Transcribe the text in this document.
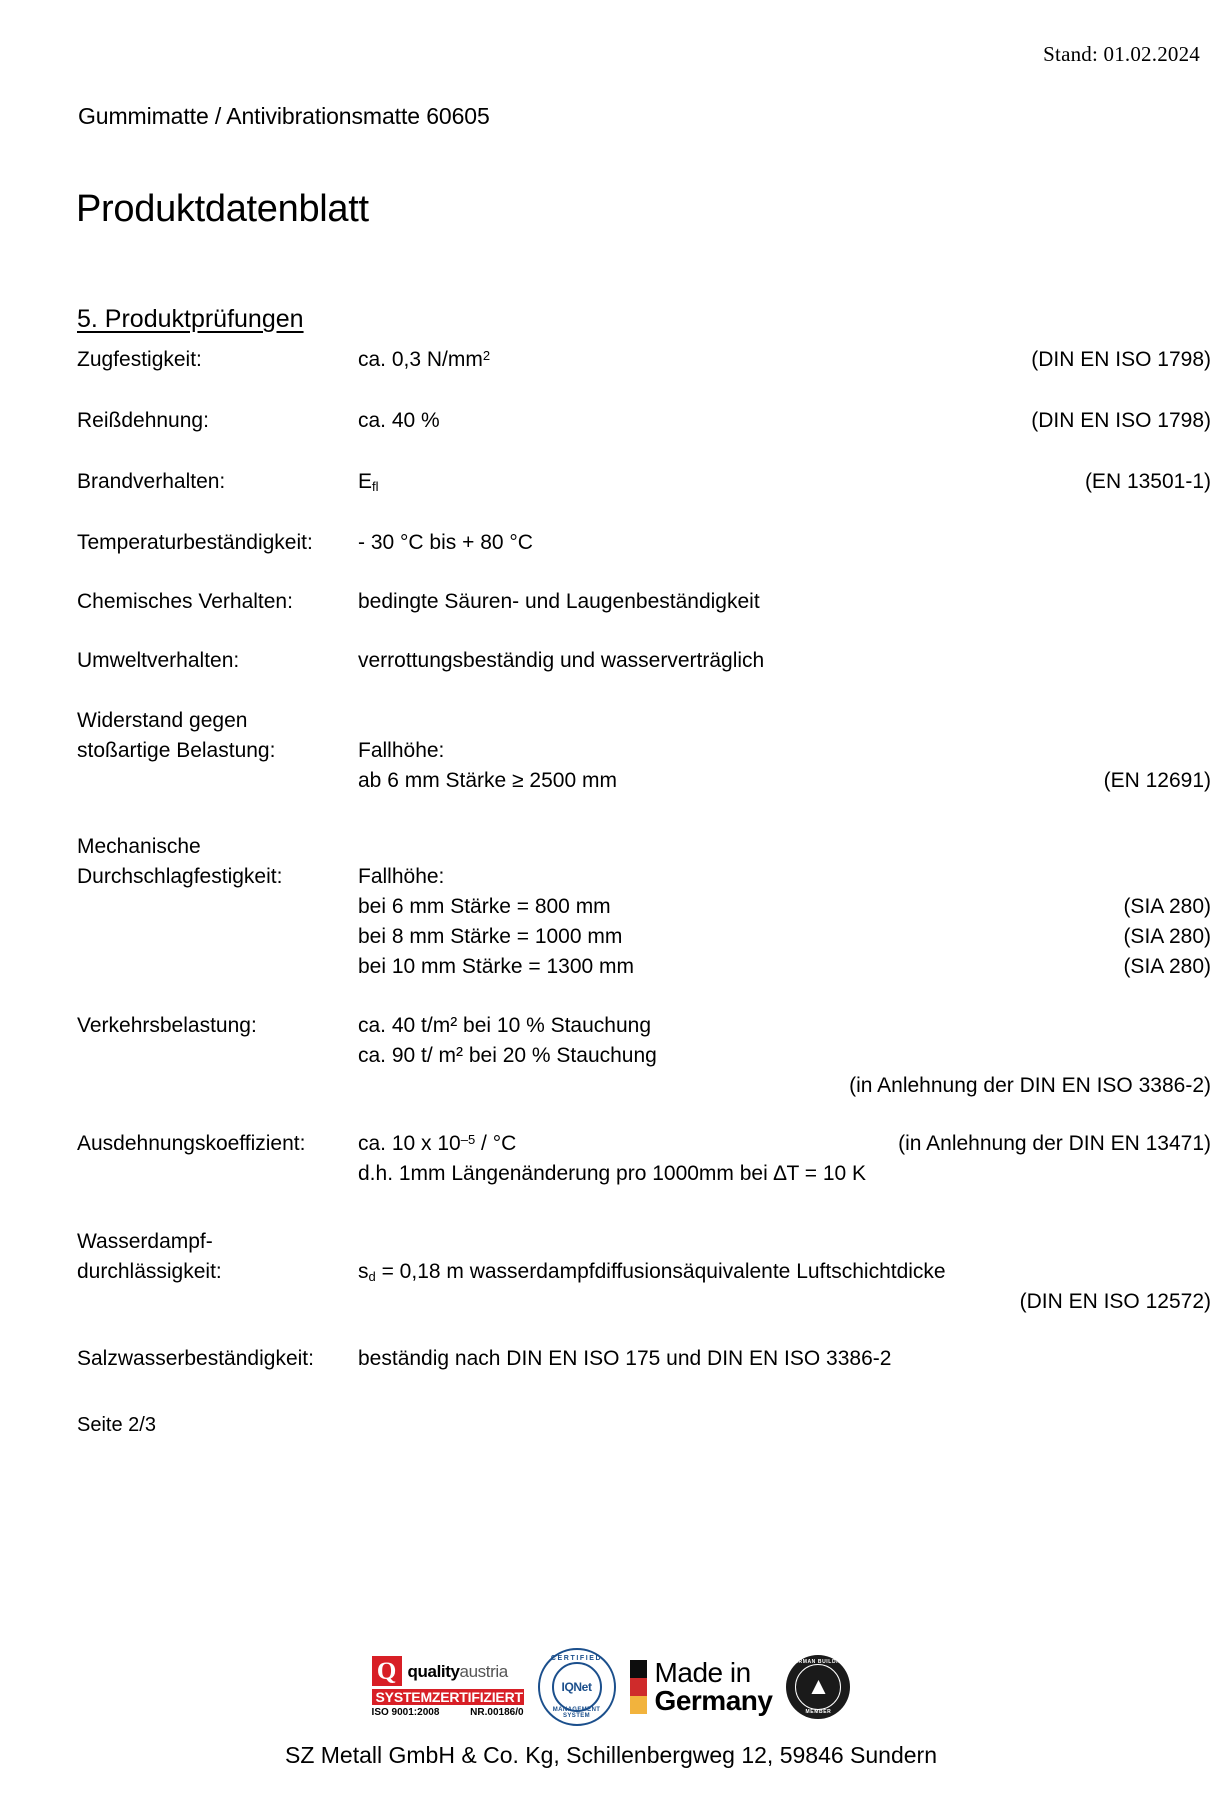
Stand: 01.02.2024
Gummimatte / Antivibrationsmatte 60605
Produktdatenblatt
5. Produktprüfungen
Zugfestigkeit:	ca. 0,3 $N/mm^2$	(DIN EN ISO 1798)
Reißdehnung:	ca. 40 %	(DIN EN ISO 1798)
Brandverhalten:	$E_{fl}$	(EN 13501-1)
Temperaturbeständigkeit: - 30 °C bis + 80 °C
Chemisches Verhalten:	bedingte Säuren- und Laugenbeständigkeit
Umweltverhalten:	verrottungsbeständig und wasserverträglich
Widerstand gegen
stoßartige Belastung:	Fallhöhe:
ab 6 mm Stärke ≥ 2500 mm	(EN 12691)
Mechanische
Durchschlagfestigkeit:	Fallhöhe:
bei 6 mm Stärke = 800 mm	(SIA 280)
bei 8 mm Stärke = 1000 mm	(SIA 280)
bei 10 mm Stärke = 1300 mm	(SIA 280)
Verkehrsbelastung:	ca. 40 t/m² bei 10 % Stauchung
ca. 90 t/ m² bei 20 % Stauchung
(in Anlehnung der DIN EN ISO 3386-2)
Ausdehnungskoeffizient:	ca. 10 x $10^{-5} / ^\circ C$	(in Anlehnung der DIN EN 13471)
d.h. 1mm Längenänderung pro 1000mm bei ∆T = 10 K
Wasserdampf-
durchlässigkeit:	$s_d = 0,18$ m wasserdampfdiffusionsäquivalente Luftschichtdicke
(DIN EN ISO 12572)
Salzwasserbeständigkeit: beständig nach DIN EN ISO 175 und DIN EN ISO 3386-2
Seite 2/3
Q qualityaustria
SYSTEMZERTIFIZIERT
ISO 9001:2008	NR.00186/0
CERTIFIED
IQNet
MANAGEMENT SYSTEM
Made in
Germany
GERMAN BUILDING
▲
MEMBER
SZ Metall GmbH & Co. Kg, Schillenbergweg 12, 59846 Sundern
